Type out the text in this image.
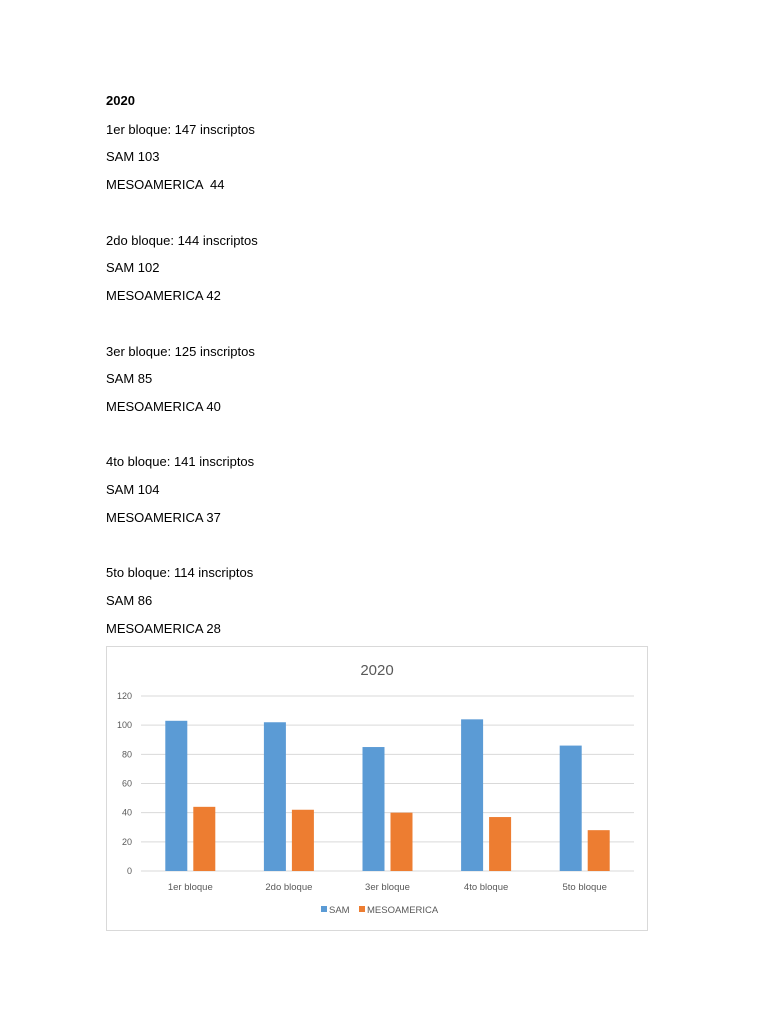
2020
1er bloque: 147 inscriptos
SAM 103
MESOAMERICA  44
2do bloque: 144 inscriptos
SAM 102
MESOAMERICA 42
3er bloque: 125 inscriptos
SAM 85
MESOAMERICA 40
4to bloque: 141 inscriptos
SAM 104
MESOAMERICA 37
5to bloque: 114 inscriptos
SAM 86
MESOAMERICA 28
2020
0
20
40
60
80
100
120
1er bloque	2do bloque	3er bloque	4to bloque	5to bloque
SAM MESOAMERICA
